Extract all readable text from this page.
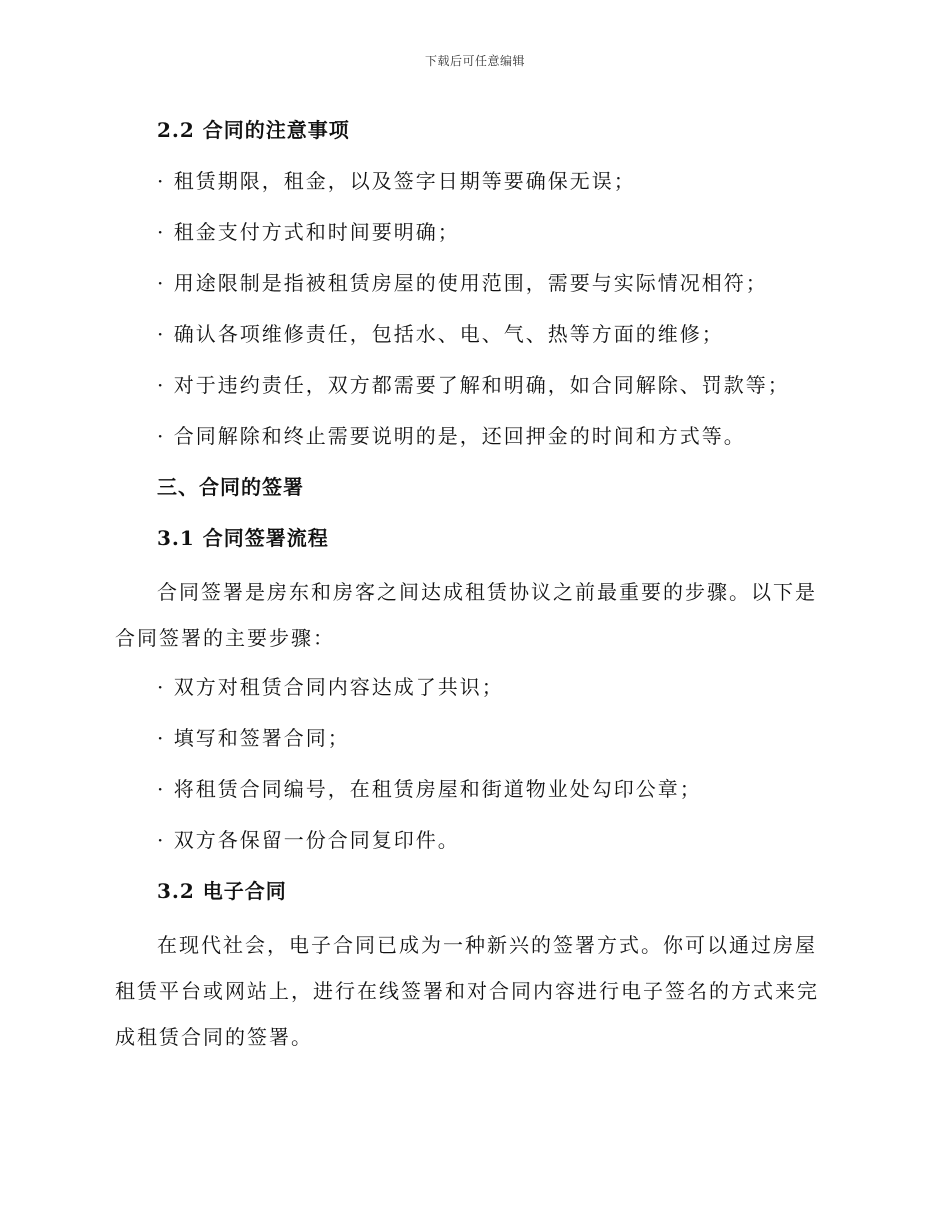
下载后可任意编辑
2.2 合同的注意事项
· 租赁期限，租金，以及签字日期等要确保无误；
· 租金支付方式和时间要明确；
· 用途限制是指被租赁房屋的使用范围，需要与实际情况相符；
· 确认各项维修责任，包括水、电、气、热等方面的维修；
· 对于违约责任，双方都需要了解和明确，如合同解除、罚款等；
· 合同解除和终止需要说明的是，还回押金的时间和方式等。
三、合同的签署
3.1 合同签署流程
合同签署是房东和房客之间达成租赁协议之前最重要的步骤。以下是合同签署的主要步骤：
· 双方对租赁合同内容达成了共识；
· 填写和签署合同；
· 将租赁合同编号，在租赁房屋和街道物业处勾印公章；
· 双方各保留一份合同复印件。
3.2 电子合同
在现代社会，电子合同已成为一种新兴的签署方式。你可以通过房屋租赁平台或网站上，进行在线签署和对合同内容进行电子签名的方式来完成租赁合同的签署。
